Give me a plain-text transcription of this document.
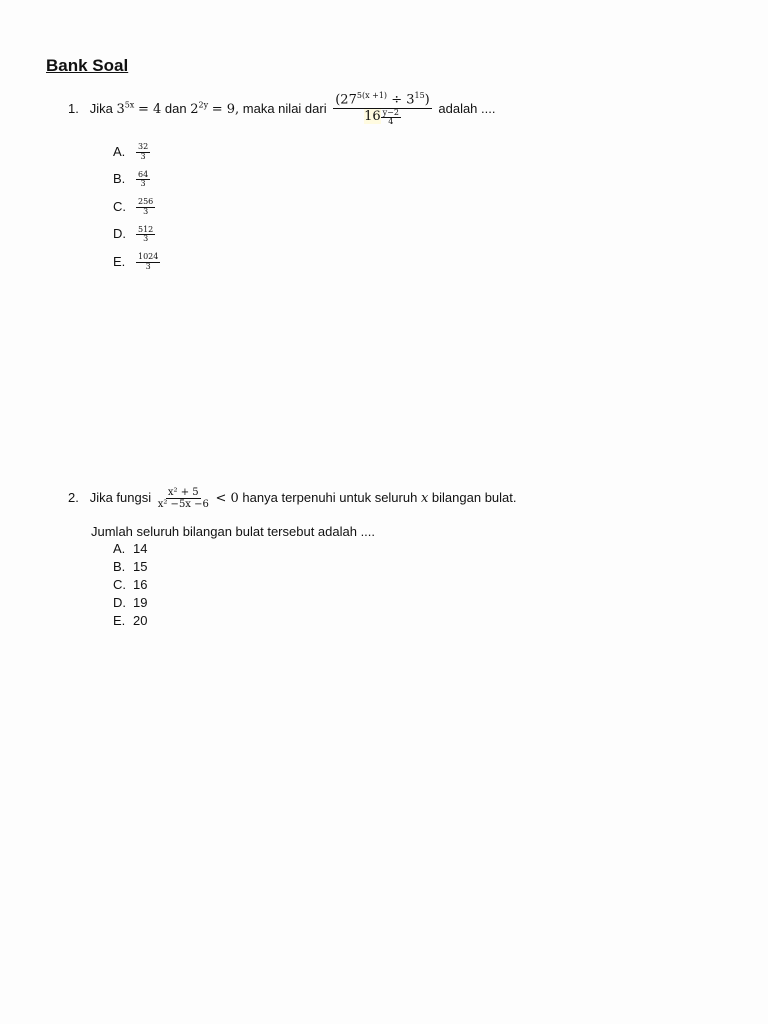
Bank Soal
1. Jika $3^{5x} = 4$ dan $2^{2y} = 9$, maka nilai dari $\frac{(27^{5(x +1)} \div 3^{15})}{16 \frac{y-2}{4}}$ adalah ....
A. $\frac{32}{3}$
B. $\frac{64}{3}$
C. $\frac{256}{3}$
D. $\frac{512}{3}$
E. $\frac{1024}{3}$
2. Jika fungsi $\frac{\text{x² + 5}}{\text{x² −5x −6}} < 0$ hanya terpenuhi untuk seluruh x bilangan bulat.
Jumlah seluruh bilangan bulat tersebut adalah ....
A. 14
B. 15
C. 16
D. 19
E. 20
